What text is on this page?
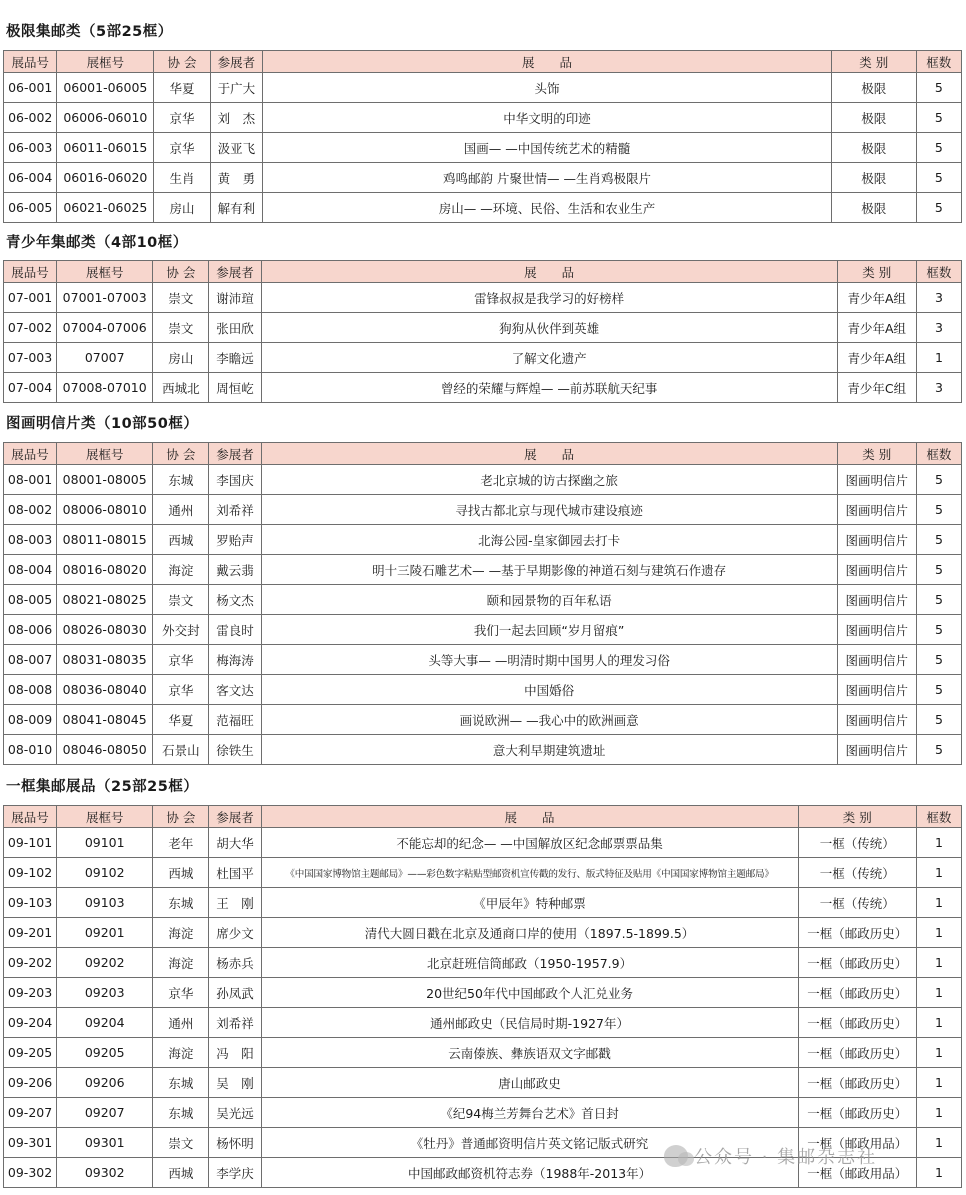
极限集邮类（5部25框）
展品号	展框号	协 会	参展者	展　　品	类 别	框数
06-001	06001-06005	华夏	于广大	头饰	极限	5
06-002	06006-06010	京华	刘　杰	中华文明的印迹	极限	5
06-003	06011-06015	京华	汲亚飞	国画— —中国传统艺术的精髓	极限	5
06-004	06016-06020	生肖	黄　勇	鸡鸣邮韵 片聚世情— —生肖鸡极限片	极限	5
06-005	06021-06025	房山	解有利	房山— —环境、民俗、生活和农业生产	极限	5
青少年集邮类（4部10框）
展品号	展框号	协 会	参展者	展　　品	类 别	框数
07-001	07001-07003	崇文	谢沛瑄	雷锋叔叔是我学习的好榜样	青少年A组	3
07-002	07004-07006	崇文	张田欣	狗狗从伙伴到英雄	青少年A组	3
07-003	07007	房山	李瞻远	了解文化遗产	青少年A组	1
07-004	07008-07010	西城北	周恒屹	曾经的荣耀与辉煌— —前苏联航天纪事	青少年C组	3
图画明信片类（10部50框）
展品号	展框号	协 会	参展者	展　　品	类 别	框数
08-001	08001-08005	东城	李国庆	老北京城的访古探幽之旅	图画明信片	5
08-002	08006-08010	通州	刘希祥	寻找古都北京与现代城市建设痕迹	图画明信片	5
08-003	08011-08015	西城	罗贻声	北海公园-皇家御园去打卡	图画明信片	5
08-004	08016-08020	海淀	戴云翡	明十三陵石雕艺术— —基于早期影像的神道石刻与建筑石作遗存	图画明信片	5
08-005	08021-08025	崇文	杨文杰	颐和园景物的百年私语	图画明信片	5
08-006	08026-08030	外交封	雷良时	我们一起去回顾“岁月留痕”	图画明信片	5
08-007	08031-08035	京华	梅海涛	头等大事— —明清时期中国男人的理发习俗	图画明信片	5
08-008	08036-08040	京华	客文达	中国婚俗	图画明信片	5
08-009	08041-08045	华夏	范福旺	画说欧洲— —我心中的欧洲画意	图画明信片	5
08-010	08046-08050	石景山	徐铁生	意大利早期建筑遗址	图画明信片	5
一框集邮展品（25部25框）
展品号	展框号	协 会	参展者	展　　品	类 别	框数
09-101	09101	老年	胡大华	不能忘却的纪念— —中国解放区纪念邮票票品集	一框（传统）	1
09-102	09102	西城	杜国平	《中国国家博物馆主题邮局》——彩色数字粘贴型邮资机宣传戳的发行、版式特征及贴用《中国国家博物馆主题邮局》	一框（传统）	1
09-103	09103	东城	王　刚	《甲辰年》特种邮票	一框（传统）	1
09-201	09201	海淀	席少文	清代大圆日戳在北京及通商口岸的使用（1897.5-1899.5）	一框（邮政历史）	1
09-202	09202	海淀	杨赤兵	北京赶班信筒邮政（1950-1957.9）	一框（邮政历史）	1
09-203	09203	京华	孙凤武	20世纪50年代中国邮政个人汇兑业务	一框（邮政历史）	1
09-204	09204	通州	刘希祥	通州邮政史（民信局时期-1927年）	一框（邮政历史）	1
09-205	09205	海淀	冯　阳	云南傣族、彝族语双文字邮戳	一框（邮政历史）	1
09-206	09206	东城	吴　刚	唐山邮政史	一框（邮政历史）	1
09-207	09207	东城	吴光远	《纪94梅兰芳舞台艺术》首日封	一框（邮政历史）	1
09-301	09301	崇文	杨怀明	《牡丹》普通邮资明信片英文铭记版式研究	一框（邮政用品）	1
09-302	09302	西城	李学庆	中国邮政邮资机符志券（1988年-2013年）	一框（邮政用品）	1
公众号 · 集邮杂志社
